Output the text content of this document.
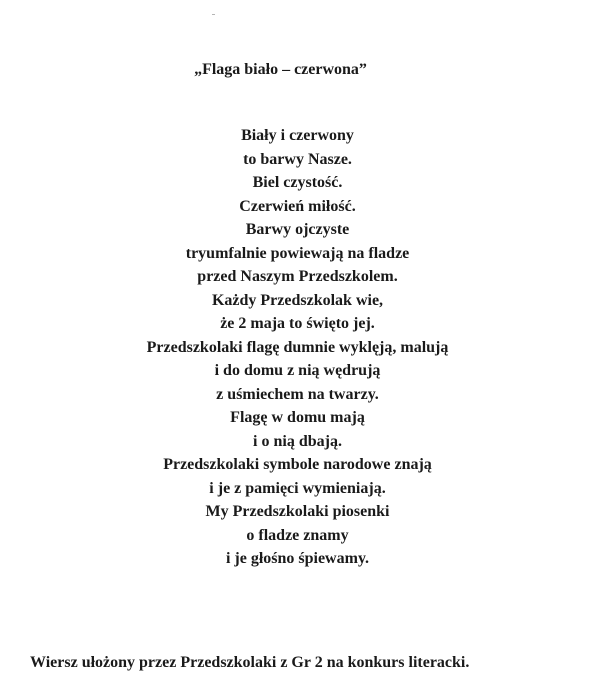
„Flaga biało – czerwona”
Biały i czerwony
to barwy Nasze.
Biel czystość.
Czerwień miłość.
Barwy ojczyste
tryumfalnie powiewają na fladze
przed Naszym Przedszkolem.
Każdy Przedszkolak wie,
że 2 maja to święto jej.
Przedszkolaki flagę dumnie wyklęją, malują
i do domu z nią wędrują
z uśmiechem na twarzy.
Flagę w domu mają
i o nią dbają.
Przedszkolaki symbole narodowe znają
i je z pamięci wymieniają.
My Przedszkolaki piosenki
o fladze znamy
i je głośno śpiewamy.
Wiersz ułożony przez Przedszkolaki z Gr 2 na konkurs literacki.
